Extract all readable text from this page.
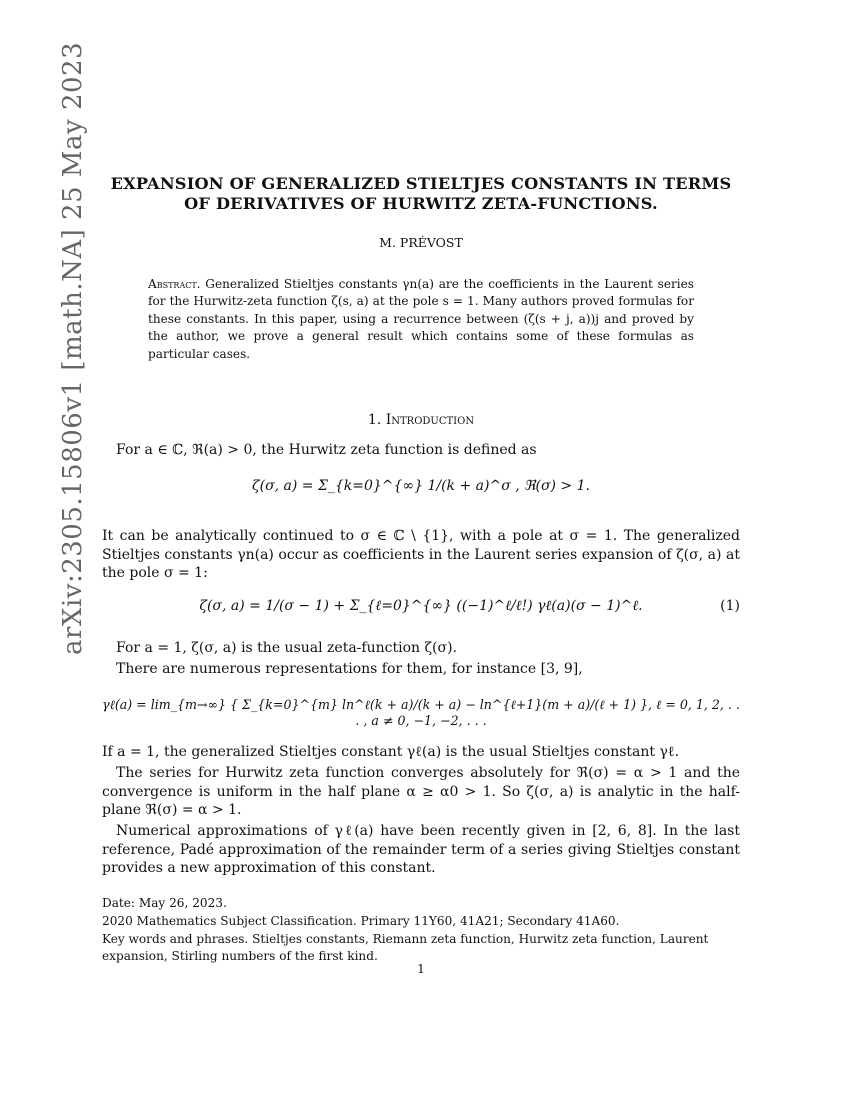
arXiv:2305.15806v1 [math.NA] 25 May 2023	EXPANSION OF GENERALIZED STIELTJES CONSTANTS IN TERMS
OF DERIVATIVES OF HURWITZ ZETA-FUNCTIONS.
M. PRÉVOST
Abstract. Generalized Stieltjes constants γn(a) are the coefficients in the Laurent series for the Hurwitz-zeta function ζ(s, a) at the pole s = 1. Many authors proved formulas for these constants. In this paper, using a recurrence between (ζ(s + j, a))j and proved by the author, we prove a general result which contains some of these formulas as particular cases.
1. Introduction
For a ∈ ℂ, ℜ(a) > 0, the Hurwitz zeta function is defined as
ζ(σ, a) = Σ_{k=0}^{∞} 1/(k + a)^σ , ℜ(σ) > 1.
It can be analytically continued to σ ∈ ℂ \ {1}, with a pole at σ = 1. The generalized Stieltjes constants γn(a) occur as coefficients in the Laurent series expansion of ζ(σ, a) at the pole σ = 1:
ζ(σ, a) = 1/(σ − 1) + Σ_{ℓ=0}^{∞} ((−1)^ℓ/ℓ!) γℓ(a)(σ − 1)^ℓ.	(1)
For a = 1, ζ(σ, a) is the usual zeta-function ζ(σ).
There are numerous representations for them, for instance [3, 9],
γℓ(a) = lim_{m→∞} { Σ_{k=0}^{m} ln^ℓ(k + a)/(k + a) − ln^{ℓ+1}(m + a)/(ℓ + 1) }, ℓ = 0, 1, 2, . . . , a ≠ 0, −1, −2, . . .
If a = 1, the generalized Stieltjes constant γℓ(a) is the usual Stieltjes constant γℓ.
The series for Hurwitz zeta function converges absolutely for ℜ(σ) = α > 1 and the convergence is uniform in the half plane α ≥ α0 > 1. So ζ(σ, a) is analytic in the half-plane ℜ(σ) = α > 1.
Numerical approximations of γℓ(a) have been recently given in [2, 6, 8]. In the last reference, Padé approximation of the remainder term of a series giving Stieltjes constant provides a new approximation of this constant.
Date: May 26, 2023.
2020 Mathematics Subject Classification. Primary 11Y60, 41A21; Secondary 41A60.
Key words and phrases. Stieltjes constants, Riemann zeta function, Hurwitz zeta function, Laurent expansion, Stirling numbers of the first kind.
1
